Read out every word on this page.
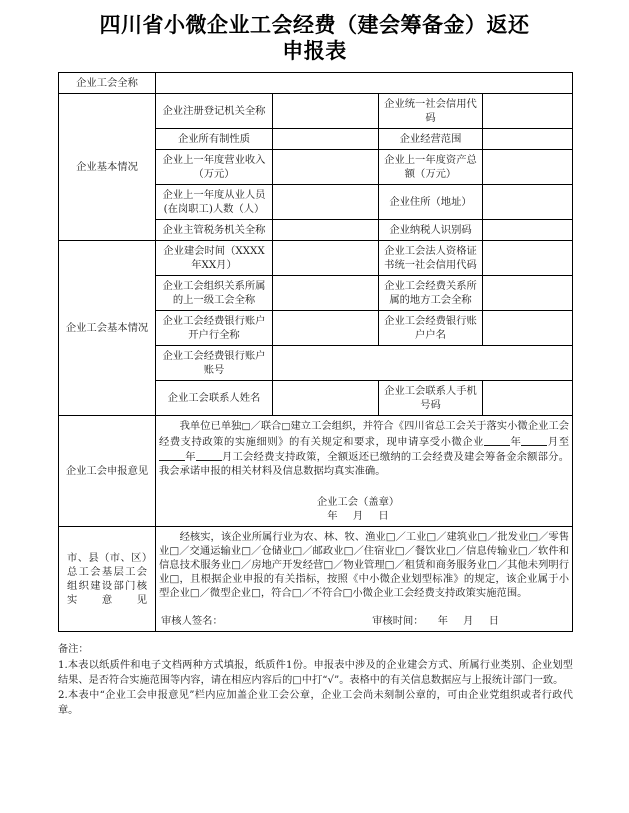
四川省小微企业工会经费（建会筹备金）返还
申报表
企业工会全称				
企业基本情况	企业注册登记机关全称		企业统一社会信用代码	
	企业所有制性质		企业经营范围	
	企业上一年度营业收入（万元）		企业上一年度资产总额（万元）	
	企业上一年度从业人员(在岗职工)人数（人）		企业住所（地址）	
	企业主管税务机关全称		企业纳税人识别码	
企业工会基本情况	企业建会时间（XXXX年XX月）		企业工会法人资格证书统一社会信用代码	
	企业工会组织关系所属的上一级工会全称		企业工会经费关系所属的地方工会全称	
	企业工会经费银行账户开户行全称		企业工会经费银行账户户名	
	企业工会经费银行账户账号			
	企业工会联系人姓名		企业工会联系人手机号码	
企业工会申报意见	我单位已单独□／联合□建立工会组织，并符合《四川省总工会关于落实小微企业工会经费支持政策的实施细则》的有关规定和要求，现申请享受小微企业 年 月至年 月工会经费支持政策，全额返还已缴纳的工会经费及建会筹备金余额部分。我会承诺申报的相关材料及信息数据均真实准确。

企业工会（盖章）
年 月 日			

市、县（市、区）总工会基层工会组织建设部门核实意见	经核实，该企业所属行业为农、林、牧、渔业□／工业□／建筑业□／批发业□／零售业□／交通运输业□／仓储业□／邮政业□／住宿业□／餐饮业□／信息传输业□／软件和信息技术服务业□／房地产开发经营□／物业管理□／租赁和商务服务业□／其他未列明行业□，且根据企业申报的有关指标，按照《中小微企业划型标准》的规定，该企业属于小型企业□／微型企业□，符合□／不符合□小微企业工会经费支持政策实施范围。

审核人签名： 审核时间： 年 月 日			

备注：

1.本表以纸质件和电子文档两种方式填报，纸质件1份。申报表中涉及的企业建会方式、所属行业类别、企业划型结果、是否符合实施范围等内容，请在相应内容后的□中打“√”。表格中的有关信息数据应与上报统计部门一致。

2.本表中“企业工会申报意见”栏内应加盖企业工会公章，企业工会尚未刻制公章的，可由企业党组织或者行政代章。
